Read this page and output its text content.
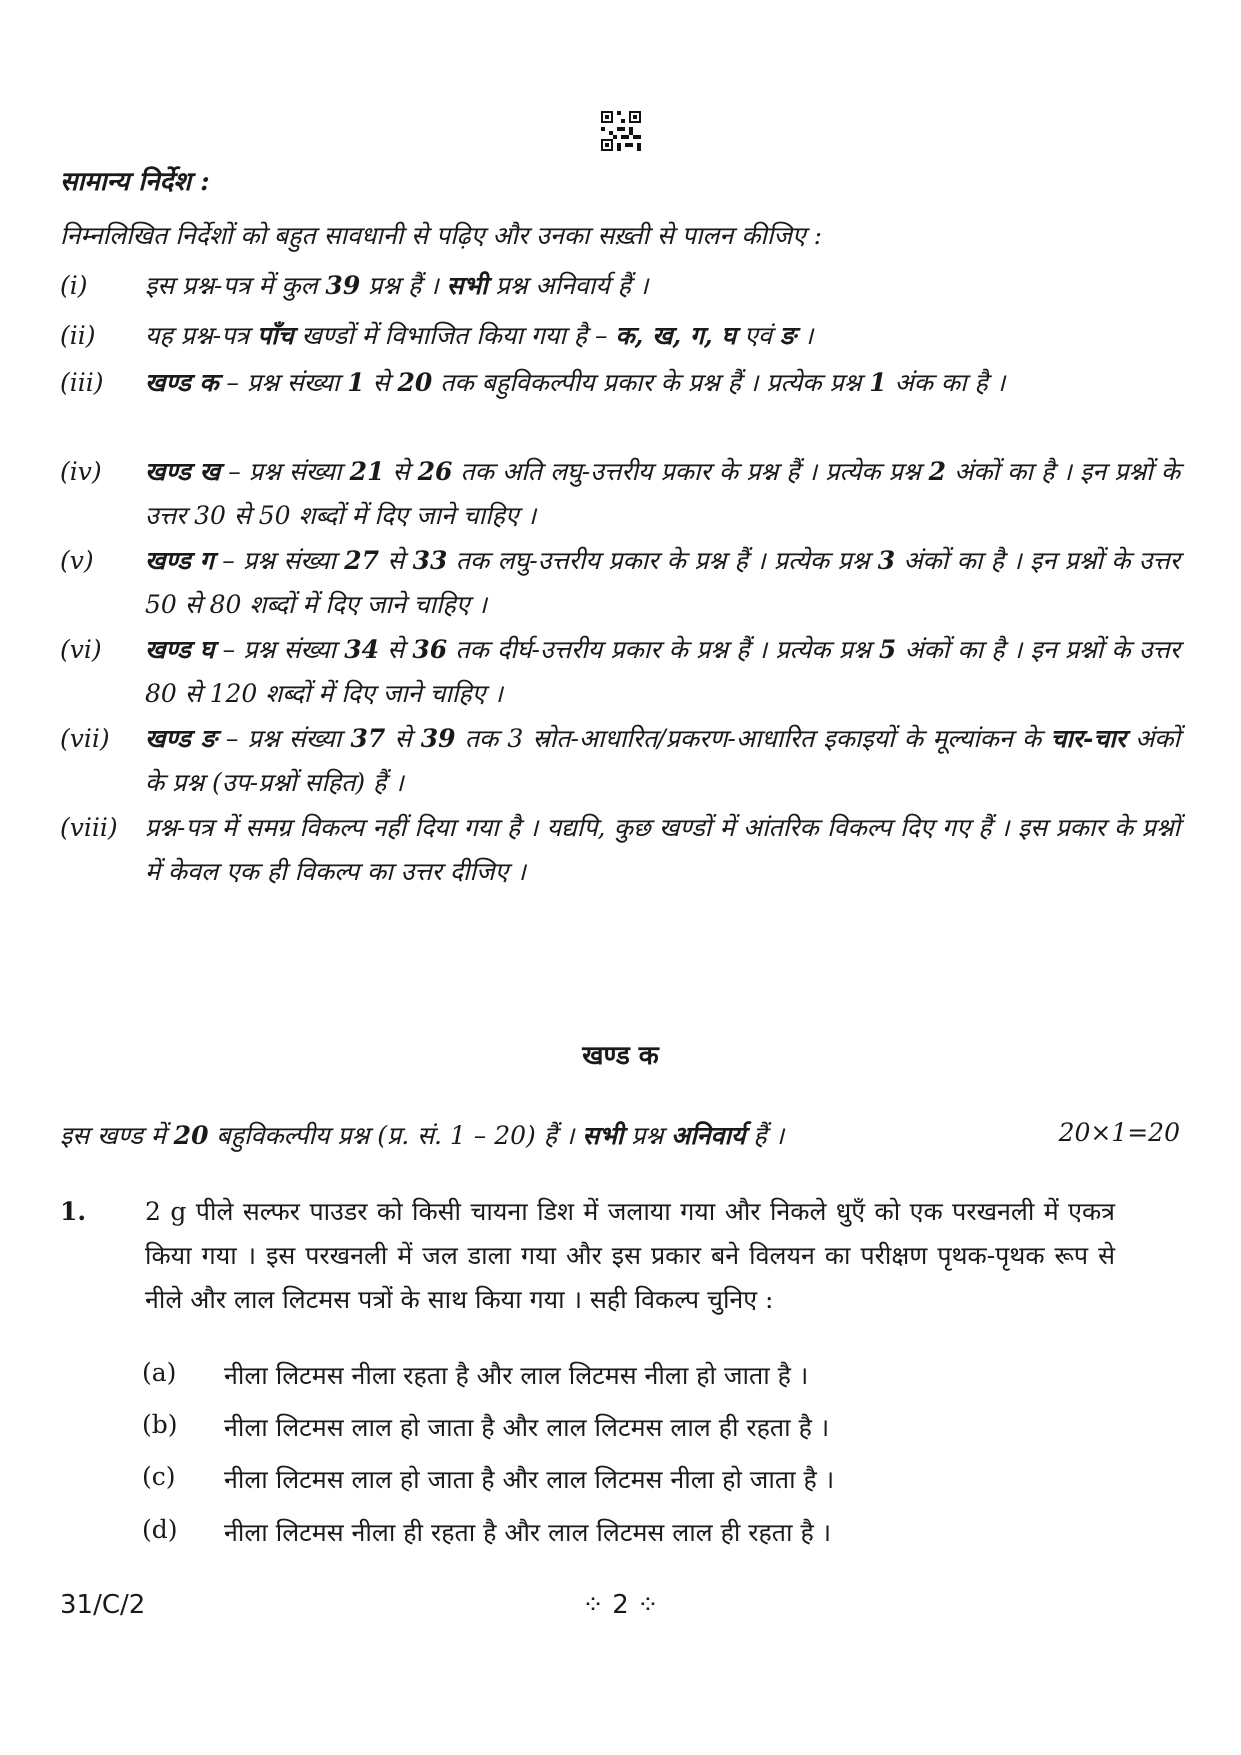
सामान्य निर्देश :
निम्नलिखित निर्देशों को बहुत सावधानी से पढ़िए और उनका सख़्ती से पालन कीजिए :
(i)	इस प्रश्न-पत्र में कुल 39 प्रश्न हैं । सभी प्रश्न अनिवार्य हैं ।
(ii)	यह प्रश्न-पत्र पाँच खण्डों में विभाजित किया गया है – क, ख, ग, घ एवं ङ ।
(iii)	खण्ड क – प्रश्न संख्या 1 से 20 तक बहुविकल्पीय प्रकार के प्रश्न हैं । प्रत्येक प्रश्न 1 अंक का है ।
(iv)	खण्ड ख – प्रश्न संख्या 21 से 26 तक अति लघु-उत्तरीय प्रकार के प्रश्न हैं । प्रत्येक प्रश्न 2 अंकों का है । इन प्रश्नों के उत्तर 30 से 50 शब्दों में दिए जाने चाहिए ।
(v)	खण्ड ग – प्रश्न संख्या 27 से 33 तक लघु-उत्तरीय प्रकार के प्रश्न हैं । प्रत्येक प्रश्न 3 अंकों का है । इन प्रश्नों के उत्तर 50 से 80 शब्दों में दिए जाने चाहिए ।
(vi)	खण्ड घ – प्रश्न संख्या 34 से 36 तक दीर्घ-उत्तरीय प्रकार के प्रश्न हैं । प्रत्येक प्रश्न 5 अंकों का है । इन प्रश्नों के उत्तर 80 से 120 शब्दों में दिए जाने चाहिए ।
(vii)	खण्ड ङ – प्रश्न संख्या 37 से 39 तक 3 स्रोत-आधारित/प्रकरण-आधारित इकाइयों के मूल्यांकन के चार-चार अंकों के प्रश्न (उप-प्रश्नों सहित) हैं ।
(viii)	प्रश्न-पत्र में समग्र विकल्प नहीं दिया गया है । यद्यपि, कुछ खण्डों में आंतरिक विकल्प दिए गए हैं । इस प्रकार के प्रश्नों में केवल एक ही विकल्प का उत्तर दीजिए ।
खण्ड क
इस खण्ड में 20 बहुविकल्पीय प्रश्न (प्र. सं. 1 – 20) हैं । सभी प्रश्न अनिवार्य हैं ।	20×1=20
1. 2 g पीले सल्फर पाउडर को किसी चायना डिश में जलाया गया और निकले धुएँ को एक परखनली में एकत्र किया गया । इस परखनली में जल डाला गया और इस प्रकार बने विलयन का परीक्षण पृथक-पृथक रूप से नीले और लाल लिटमस पत्रों के साथ किया गया । सही विकल्प चुनिए :
(a) नीला लिटमस नीला रहता है और लाल लिटमस नीला हो जाता है ।
(b) नीला लिटमस लाल हो जाता है और लाल लिटमस लाल ही रहता है ।
(c) नीला लिटमस लाल हो जाता है और लाल लिटमस नीला हो जाता है ।
(d) नीला लिटमस नीला ही रहता है और लाल लिटमस लाल ही रहता है ।
31/C/2	⁘ 2 ⁘
